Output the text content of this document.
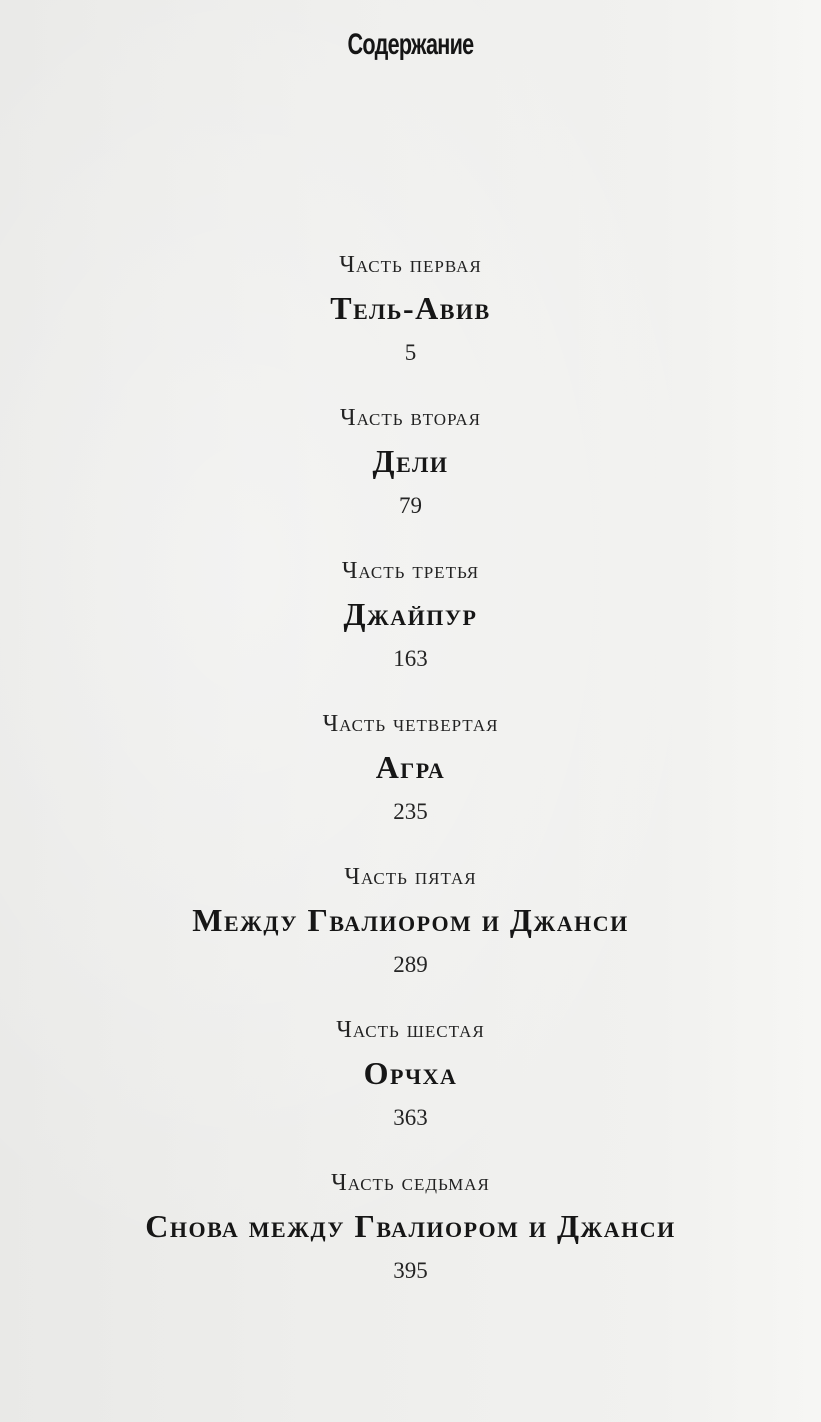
Содержание
Часть первая
Тель-Авив
5
Часть вторая
Дели
79
Часть третья
Джайпур
163
Часть четвертая
Агра
235
Часть пятая
Между Гвалиором и Джанси
289
Часть шестая
Орчха
363
Часть седьмая
Снова между Гвалиором и Джанси
395
